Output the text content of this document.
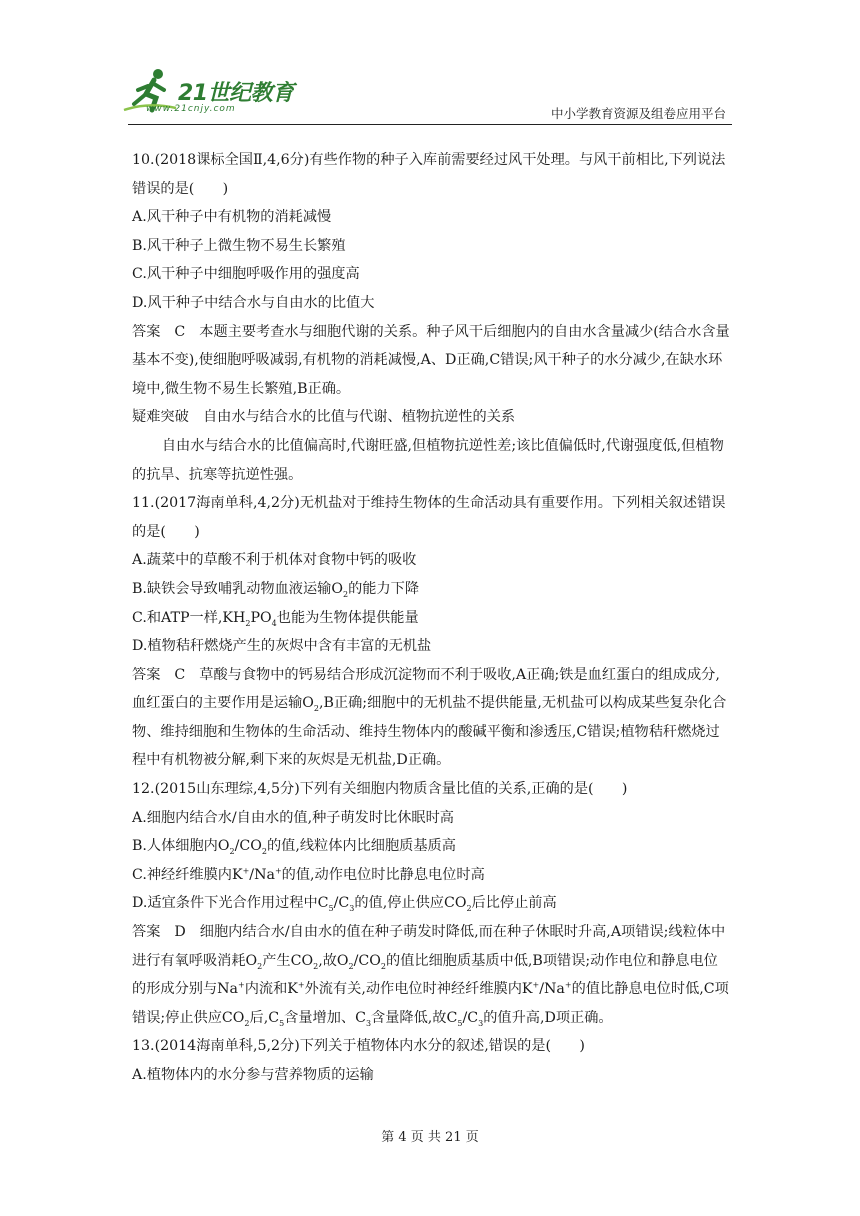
21世纪教育
www.21cnjy.com	中小学教育资源及组卷应用平台

10.(2018课标全国Ⅱ,4,6分)有些作物的种子入库前需要经过风干处理。与风干前相比,下列说法错误的是(　　)

A.风干种子中有机物的消耗减慢

B.风干种子上微生物不易生长繁殖

C.风干种子中细胞呼吸作用的强度高

D.风干种子中结合水与自由水的比值大

答案 C 本题主要考查水与细胞代谢的关系。种子风干后细胞内的自由水含量减少(结合水含量基本不变),使细胞呼吸减弱,有机物的消耗减慢,A、D正确,C错误;风干种子的水分减少,在缺水环境中,微生物不易生长繁殖,B正确。

疑难突破　自由水与结合水的比值与代谢、植物抗逆性的关系

自由水与结合水的比值偏高时,代谢旺盛,但植物抗逆性差;该比值偏低时,代谢强度低,但植物的抗旱、抗寒等抗逆性强。

11.(2017海南单科,4,2分)无机盐对于维持生物体的生命活动具有重要作用。下列相关叙述错误的是(　　)

A.蔬菜中的草酸不利于机体对食物中钙的吸收

B.缺铁会导致哺乳动物血液运输$O_2$的能力下降

C.和ATP一样$,KH_2PO_4$也能为生物体提供能量

D.植物秸秆燃烧产生的灰烬中含有丰富的无机盐

答案 C 草酸与食物中的钙易结合形成沉淀物而不利于吸收,A正确;铁是血红蛋白的组成成分,血红蛋白的主要作用是运输$O_2,B$正确;细胞中的无机盐不提供能量,无机盐可以构成某些复杂化合物、维持细胞和生物体的生命活动、维持生物体内的酸碱平衡和渗透压,C错误;植物秸秆燃烧过程中有机物被分解,剩下来的灰烬是无机盐,D正确。

12.(2015山东理综,4,5分)下列有关细胞内物质含量比值的关系,正确的是(　　)

A.细胞内结合水/自由水的值,种子萌发时比休眠时高

B.人体细胞内$O_2/CO_2$的值,线粒体内比细胞质基质高

C.神经纤维膜内K+/Na+的值,动作电位时比静息电位时高

D.适宜条件下光合作用过程中$C_5/C_3$的值,停止供应$CO_2$后比停止前高

答案 D 细胞内结合水/自由水的值在种子萌发时降低,而在种子休眠时升高,A项错误;线粒体中进行有氧呼吸消耗$O_2$产生$CO_2$,故$O_2/CO_2$的值比细胞质基质中低,B项错误;动作电位和静息电位的形成分别与Na+内流和K+外流有关,动作电位时神经纤维膜内K+/Na+的值比静息电位时低,C项错误;停止供应$CO_2$后$,C_5$含量增加、$C_3$含量降低,故$C_5/C_3$的值升高,D项正确。

13.(2014海南单科,5,2分)下列关于植物体内水分的叙述,错误的是(　　)

A.植物体内的水分参与营养物质的运输

第 4 页 共 21 页
